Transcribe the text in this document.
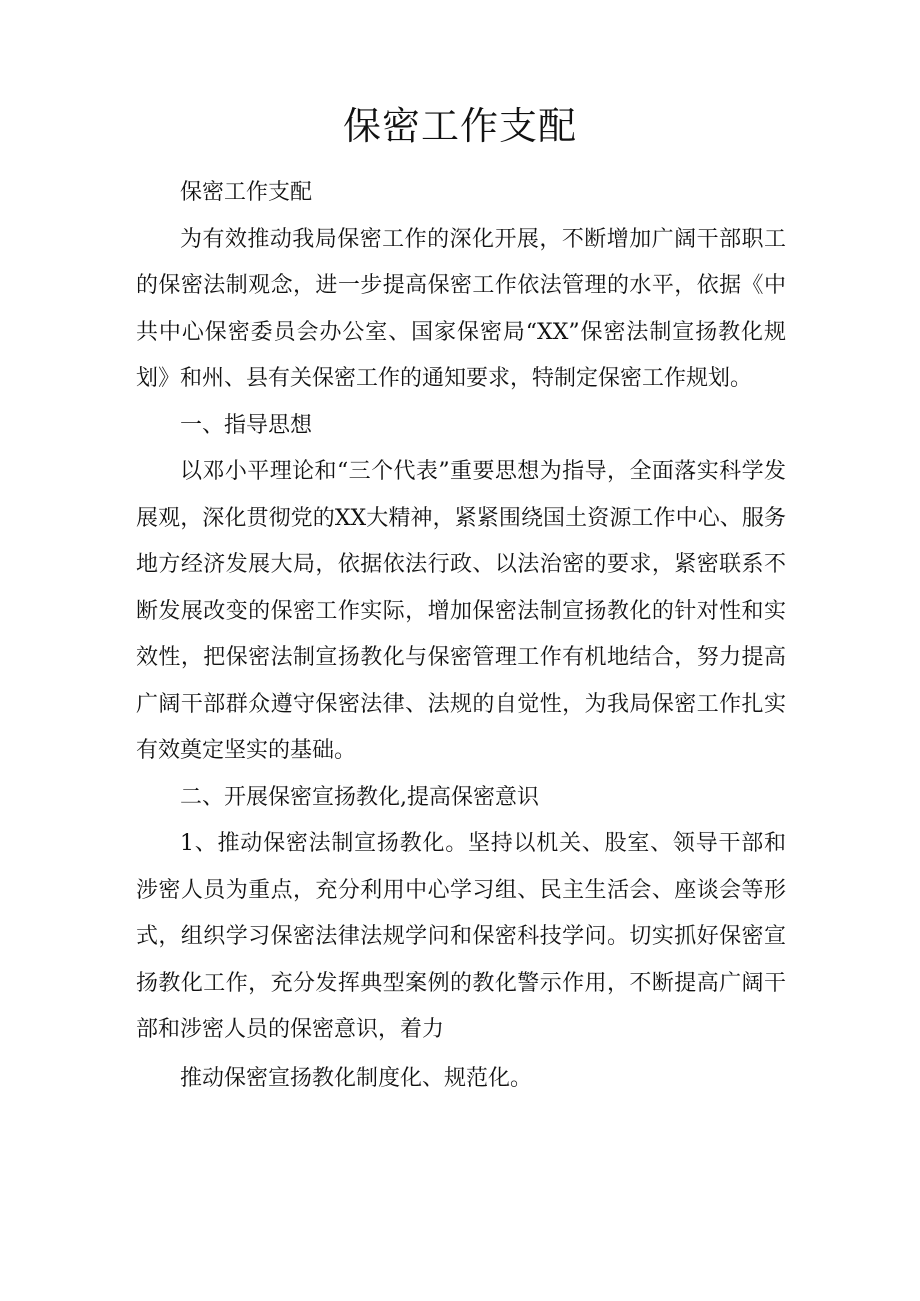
保密工作支配

保密工作支配

为有效推动我局保密工作的深化开展，不断增加广阔干部职工的保密法制观念，进一步提高保密工作依法管理的水平，依据《中共中心保密委员会办公室、国家保密局“XX”保密法制宣扬教化规划》和州、县有关保密工作的通知要求，特制定保密工作规划。

一、指导思想

以邓小平理论和“三个代表”重要思想为指导，全面落实科学发展观，深化贯彻党的XX大精神，紧紧围绕国土资源工作中心、服务地方经济发展大局，依据依法行政、以法治密的要求，紧密联系不断发展改变的保密工作实际，增加保密法制宣扬教化的针对性和实效性，把保密法制宣扬教化与保密管理工作有机地结合，努力提高广阔干部群众遵守保密法律、法规的自觉性，为我局保密工作扎实有效奠定坚实的基础。

二、开展保密宣扬教化,提高保密意识

1、推动保密法制宣扬教化。坚持以机关、股室、领导干部和涉密人员为重点，充分利用中心学习组、民主生活会、座谈会等形式，组织学习保密法律法规学问和保密科技学问。切实抓好保密宣扬教化工作，充分发挥典型案例的教化警示作用，不断提高广阔干部和涉密人员的保密意识，着力

推动保密宣扬教化制度化、规范化。
